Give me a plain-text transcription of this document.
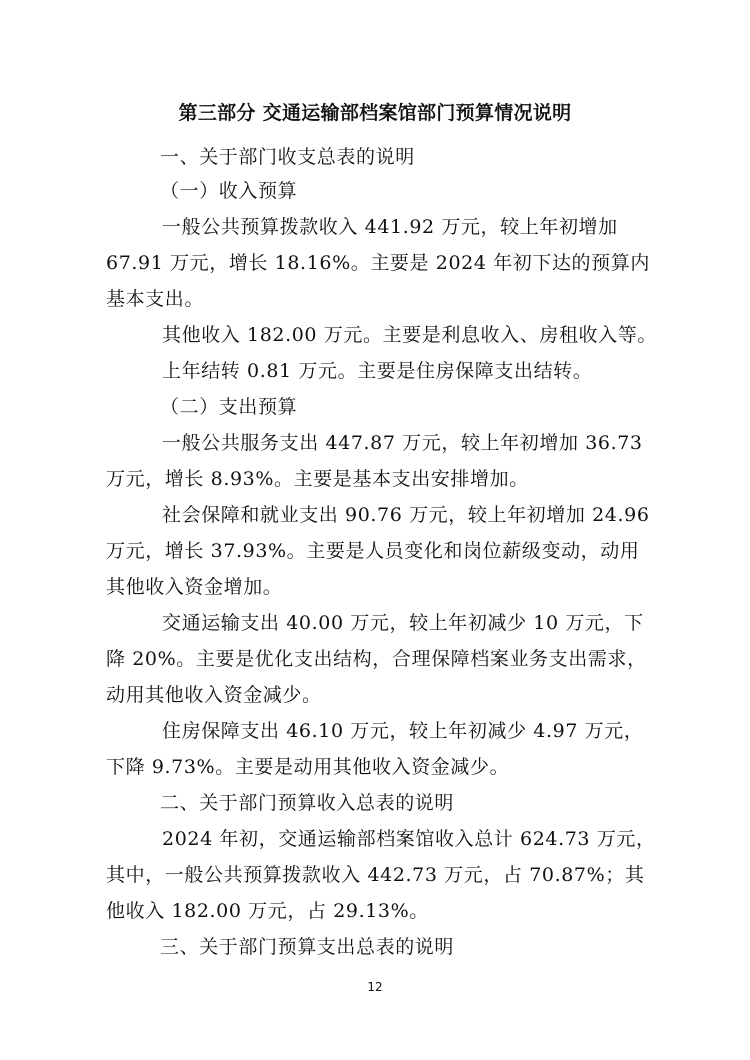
第三部分 交通运输部档案馆部门预算情况说明
一、关于部门收支总表的说明
（一）收入预算
一般公共预算拨款收入 441.92 万元，较上年初增加
67.91 万元，增长 18.16%。主要是 2024 年初下达的预算内
基本支出。
其他收入 182.00 万元。主要是利息收入、房租收入等。
上年结转 0.81 万元。主要是住房保障支出结转。
（二）支出预算
一般公共服务支出 447.87 万元，较上年初增加 36.73
万元，增长 8.93%。主要是基本支出安排增加。
社会保障和就业支出 90.76 万元，较上年初增加 24.96
万元，增长 37.93%。主要是人员变化和岗位薪级变动，动用
其他收入资金增加。
交通运输支出 40.00 万元，较上年初减少 10 万元，下
降 20%。主要是优化支出结构，合理保障档案业务支出需求，
动用其他收入资金减少。
住房保障支出 46.10 万元，较上年初减少 4.97 万元，
下降 9.73%。主要是动用其他收入资金减少。
二、关于部门预算收入总表的说明
2024 年初，交通运输部档案馆收入总计 624.73 万元，
其中，一般公共预算拨款收入 442.73 万元，占 70.87%；其
他收入 182.00 万元，占 29.13%。
三、关于部门预算支出总表的说明
12
